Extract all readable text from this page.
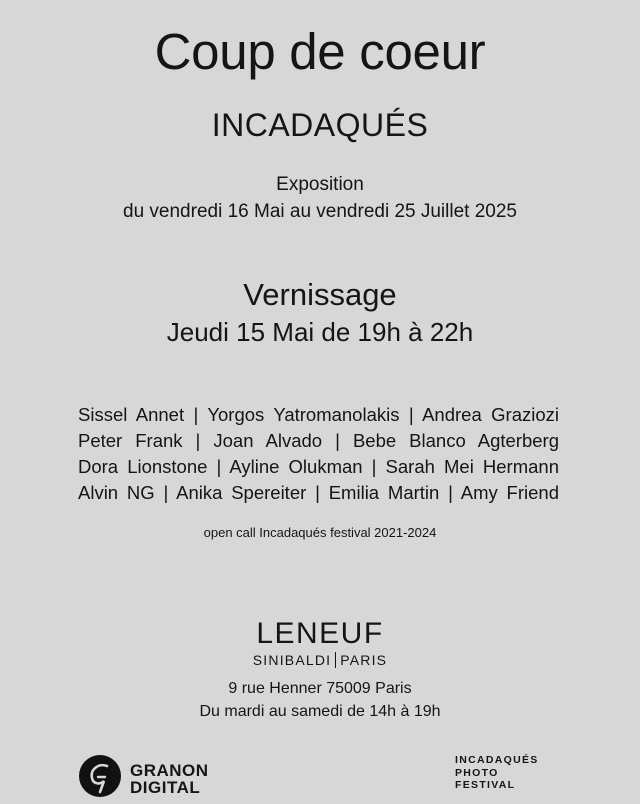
Coup de coeur
INCADAQUÉS
Exposition
du vendredi 16 Mai au vendredi 25 Juillet 2025
Vernissage
Jeudi 15 Mai de 19h à 22h
Sissel Annet | Yorgos Yatromanolakis | Andrea Graziozi
Peter Frank | Joan Alvado | Bebe Blanco Agterberg
Dora Lionstone | Ayline Olukman | Sarah Mei Hermann
Alvin NG | Anika Spereiter | Emilia Martin | Amy Friend
open call Incadaqués festival 2021-2024
LENEUF
SINIBALDI PARIS
9 rue Henner 75009 Paris
Du mardi au samedi de 14h à 19h
GRANON
DIGITAL
INCADAQUÉS
PHOTO
FESTIVAL
